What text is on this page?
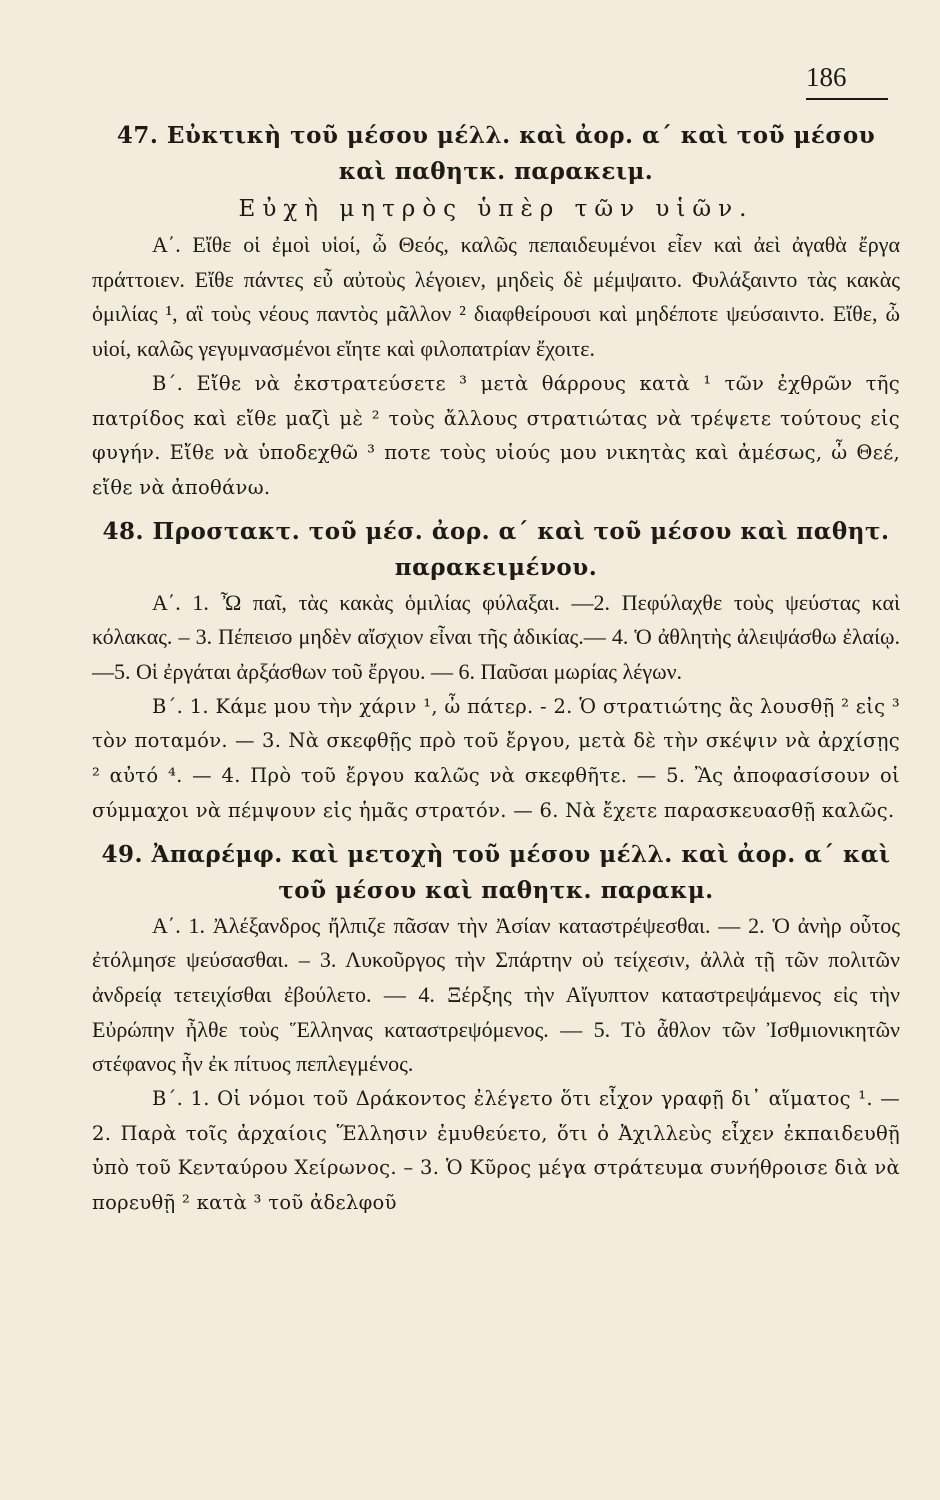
186
47. Εὐκτικὴ τοῦ μέσου μέλλ. καὶ ἀορ. α΄ καὶ τοῦ μέσου καὶ παθητκ. παρακειμ.

Εὐχὴ μητρὸς ὑπὲρ τῶν υἱῶν.

Α΄. Εἴθε οἱ ἐμοὶ υἱοί, ὦ Θεός, καλῶς πεπαιδευμένοι εἶεν καὶ ἀεὶ ἀγαθὰ ἔργα πράττοιεν. Εἴθε πάντες εὖ αὐτοὺς λέγοιεν, μηδεὶς δὲ μέμψαιτο. Φυλάξαιντο τὰς κακὰς ὁμιλίας ¹, αἳ τοὺς νέους παντὸς μᾶλλον ² διαφθείρουσι καὶ μηδέποτε ψεύσαιντο. Εἴθε, ὦ υἱοί, καλῶς γεγυμνασμένοι εἴητε καὶ φιλοπατρίαν ἔχοιτε.

Β΄. Εἴθε νὰ ἐκστρατεύσετε ³ μετὰ θάρρους κατὰ ¹ τῶν ἐχθρῶν τῆς πατρίδος καὶ εἴθε μαζὶ μὲ ² τοὺς ἄλλους στρατιώτας νὰ τρέψετε τούτους εἰς φυγήν. Εἴθε νὰ ὑποδεχθῶ ³ ποτε τοὺς υἱούς μου νικητὰς καὶ ἀμέσως, ὦ Θεέ, εἴθε νὰ ἀποθάνω.

48. Προστακτ. τοῦ μέσ. ἀορ. α΄ καὶ τοῦ μέσου καὶ παθητ. παρακειμένου.

Α΄. 1. Ὦ παῖ, τὰς κακὰς ὁμιλίας φύλαξαι. —2. Πεφύλαχθε τοὺς ψεύστας καὶ κόλακας. – 3. Πέπεισο μηδὲν αἴσχιον εἶναι τῆς ἀδικίας.— 4. Ὁ ἀθλητὴς ἀλειψάσθω ἐλαίῳ.—5. Οἱ ἐργάται ἀρξάσθων τοῦ ἔργου. — 6. Παῦσαι μωρίας λέγων.

Β΄. 1. Κάμε μου τὴν χάριν ¹, ὦ πάτερ. - 2. Ὁ στρατιώτης ἂς λουσθῇ ² εἰς ³ τὸν ποταμόν. — 3. Νὰ σκεφθῇς πρὸ τοῦ ἔργου, μετὰ δὲ τὴν σκέψιν νὰ ἀρχίσῃς ² αὐτό ⁴. — 4. Πρὸ τοῦ ἔργου καλῶς νὰ σκεφθῆτε. — 5. Ἂς ἀποφασίσουν οἱ σύμμαχοι νὰ πέμψουν εἰς ἡμᾶς στρατόν. — 6. Νὰ ἔχετε παρασκευασθῇ καλῶς.

49. Ἀπαρέμφ. καὶ μετοχὴ τοῦ μέσου μέλλ. καὶ ἀορ. α΄ καὶ τοῦ μέσου καὶ παθητκ. παρακμ.

Α΄. 1. Ἀλέξανδρος ἤλπιζε πᾶσαν τὴν Ἀσίαν καταστρέψεσθαι. — 2. Ὁ ἀνὴρ οὗτος ἐτόλμησε ψεύσασθαι. – 3. Λυκοῦργος τὴν Σπάρτην οὐ τείχεσιν, ἀλλὰ τῇ τῶν πολιτῶν ἀνδρείᾳ τετειχίσθαι ἐβούλετο. — 4. Ξέρξης τὴν Αἴγυπτον καταστρεψάμενος εἰς τὴν Εὐρώπην ἦλθε τοὺς Ἕλληνας καταστρεψόμενος. — 5. Τὸ ἆθλον τῶν Ἰσθμιονικητῶν στέφανος ἦν ἐκ πίτυος πεπλεγμένος.

Β΄. 1. Οἱ νόμοι τοῦ Δράκοντος ἐλέγετο ὅτι εἶχον γραφῇ δι᾽ αἵματος ¹. — 2. Παρὰ τοῖς ἀρχαίοις Ἕλλησιν ἐμυθεύετο, ὅτι ὁ Ἀχιλλεὺς εἶχεν ἐκπαιδευθῇ ὑπὸ τοῦ Κενταύρου Χείρωνος. – 3. Ὁ Κῦρος μέγα στράτευμα συνήθροισε διὰ νὰ πορευθῇ ² κατὰ ³ τοῦ ἀδελφοῦ
